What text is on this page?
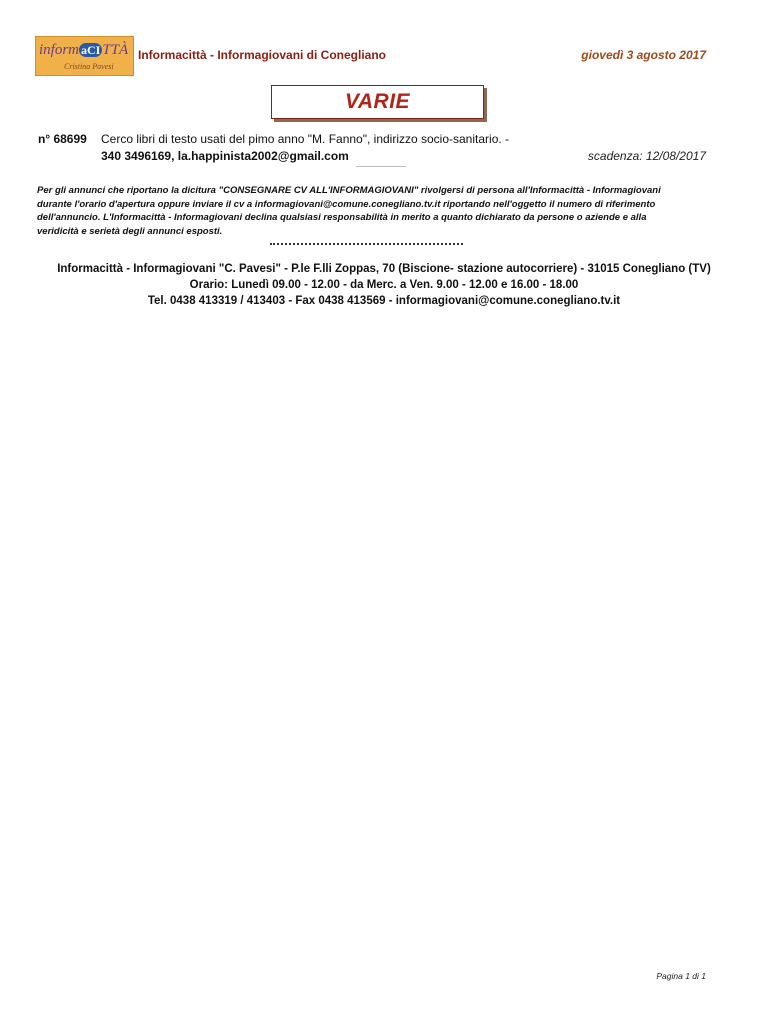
inform aCI TTÀ
Cristina Pavesi
Informacittà - Informagiovani di Conegliano	giovedì 3 agosto 2017
VARIE
n° 68699 Cerco libri di testo usati del pimo anno "M. Fanno", indirizzo socio-sanitario. -
340 3496169, la.happinista2002@gmail.com	scadenza: 12/08/2017
Per gli annunci che riportano la dicitura "CONSEGNARE CV ALL'INFORMAGIOVANI" rivolgersi di persona all'Informacittà - Informagiovani
durante l'orario d'apertura oppure inviare il cv a informagiovani@comune.conegliano.tv.it riportando nell'oggetto il numero di riferimento
dell'annuncio. L'Informacittà - Informagiovani declina qualsiasi responsabilità in merito a quanto dichiarato da persone o aziende e alla
veridicità e serietà degli annunci esposti.
Informacittà - Informagiovani "C. Pavesi" - P.le F.lli Zoppas, 70 (Biscione- stazione autocorriere) - 31015 Conegliano (TV)
Orario: Lunedì 09.00 - 12.00 - da Merc. a Ven. 9.00 - 12.00 e 16.00 - 18.00
Tel. 0438 413319 / 413403 - Fax 0438 413569 - informagiovani@comune.conegliano.tv.it
Pagina 1 di 1
